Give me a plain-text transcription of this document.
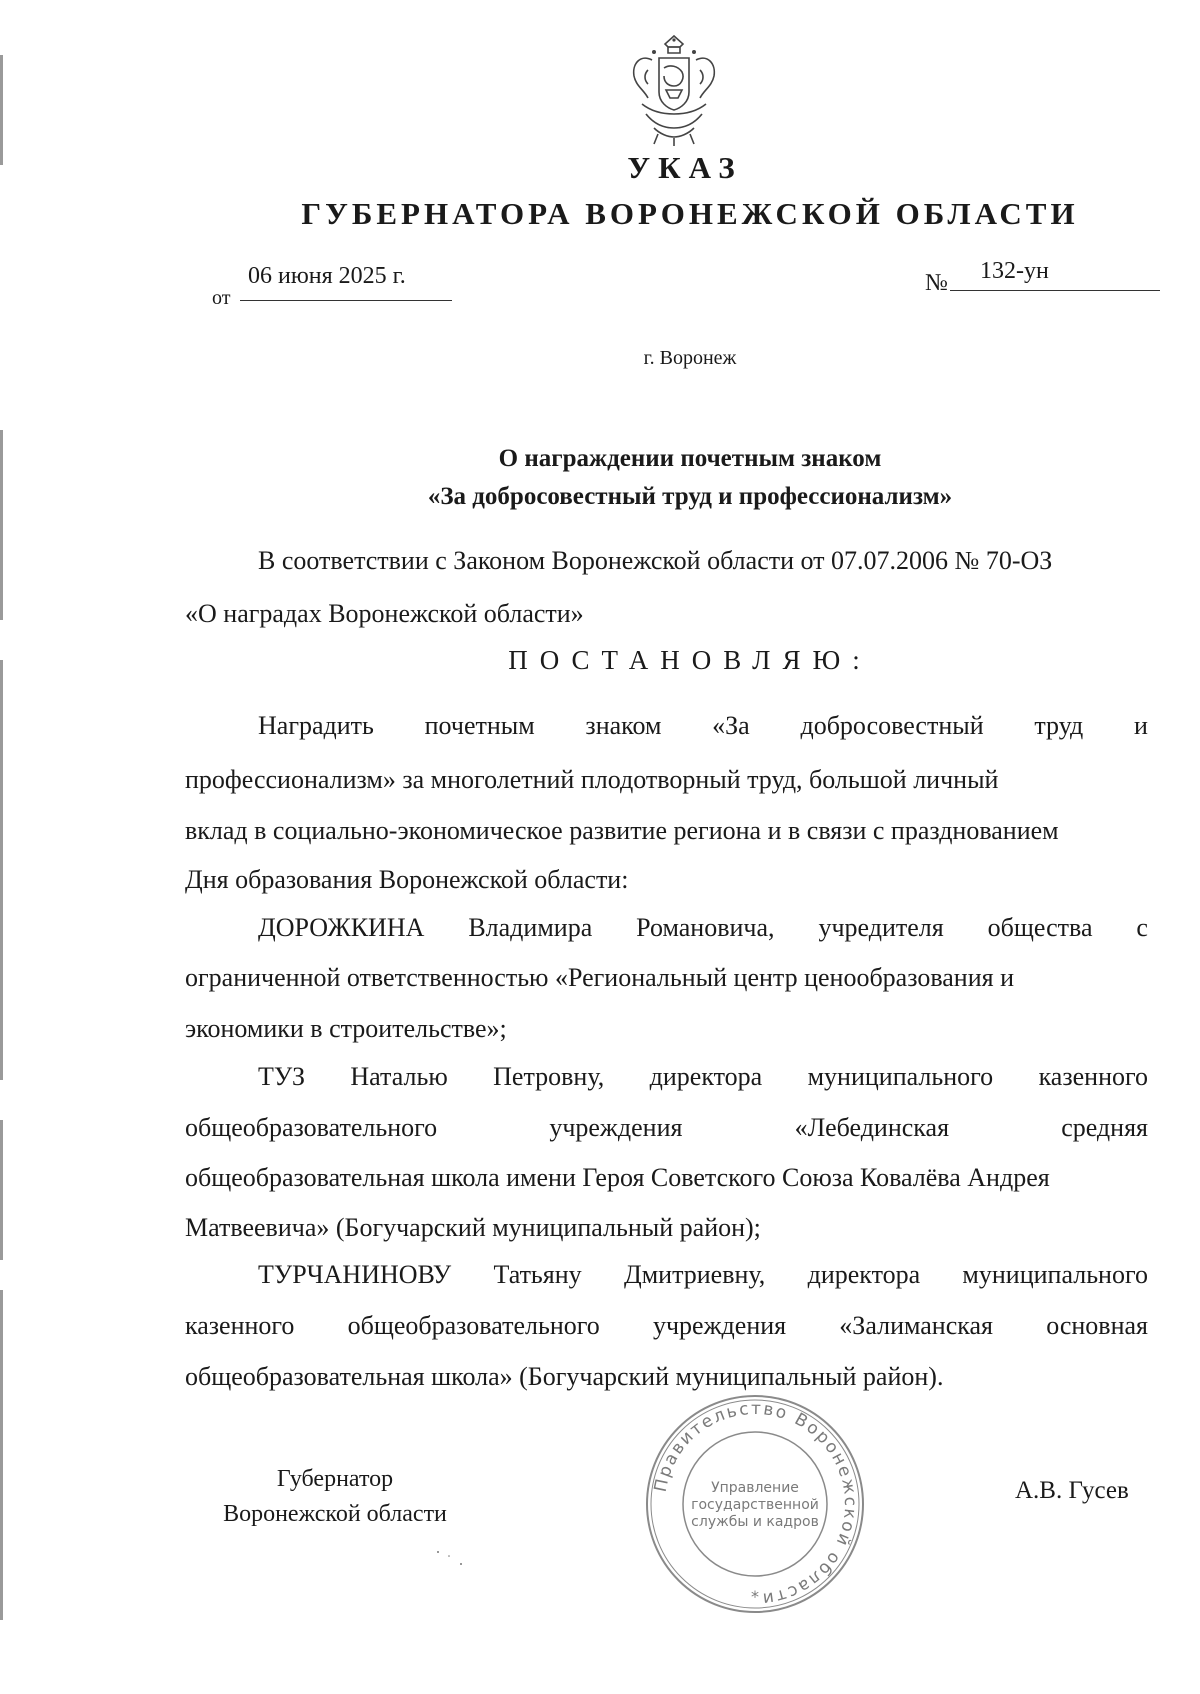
УКАЗ
ГУБЕРНАТОРА ВОРОНЕЖСКОЙ ОБЛАСТИ
от
06 июня 2025 г.	№ 132-ун
г. Воронеж
О награждении почетным знаком
«За добросовестный труд и профессионализм»
В соответствии с Законом Воронежской области от 07.07.2006 № 70-ОЗ
«О наградах Воронежской области»
ПОСТАНОВЛЯЮ:
Наградить почетным знаком «За добросовестный труд и
профессионализм» за многолетний плодотворный труд, большой личный
вклад в социально-экономическое развитие региона и в связи с празднованием
Дня образования Воронежской области:
ДОРОЖКИНА Владимира Романовича, учредителя общества с
ограниченной ответственностью «Региональный центр ценообразования и
экономики в строительстве»;
ТУЗ Наталью Петровну, директора муниципального казенного
общеобразовательного	учреждения	«Лебединская	средняя
общеобразовательная школа имени Героя Советского Союза Ковалёва Андрея
Матвеевича» (Богучарский муниципальный район);
ТУРЧАНИНОВУ Татьяну Дмитриевну, директора муниципального
казенного общеобразовательного учреждения «Залиманская основная
общеобразовательная школа» (Богучарский муниципальный район).
Губернатор
Воронежской области
Правительство Воронежской области
Управление
государственной
службы и кадров
*
А.В. Гусев
